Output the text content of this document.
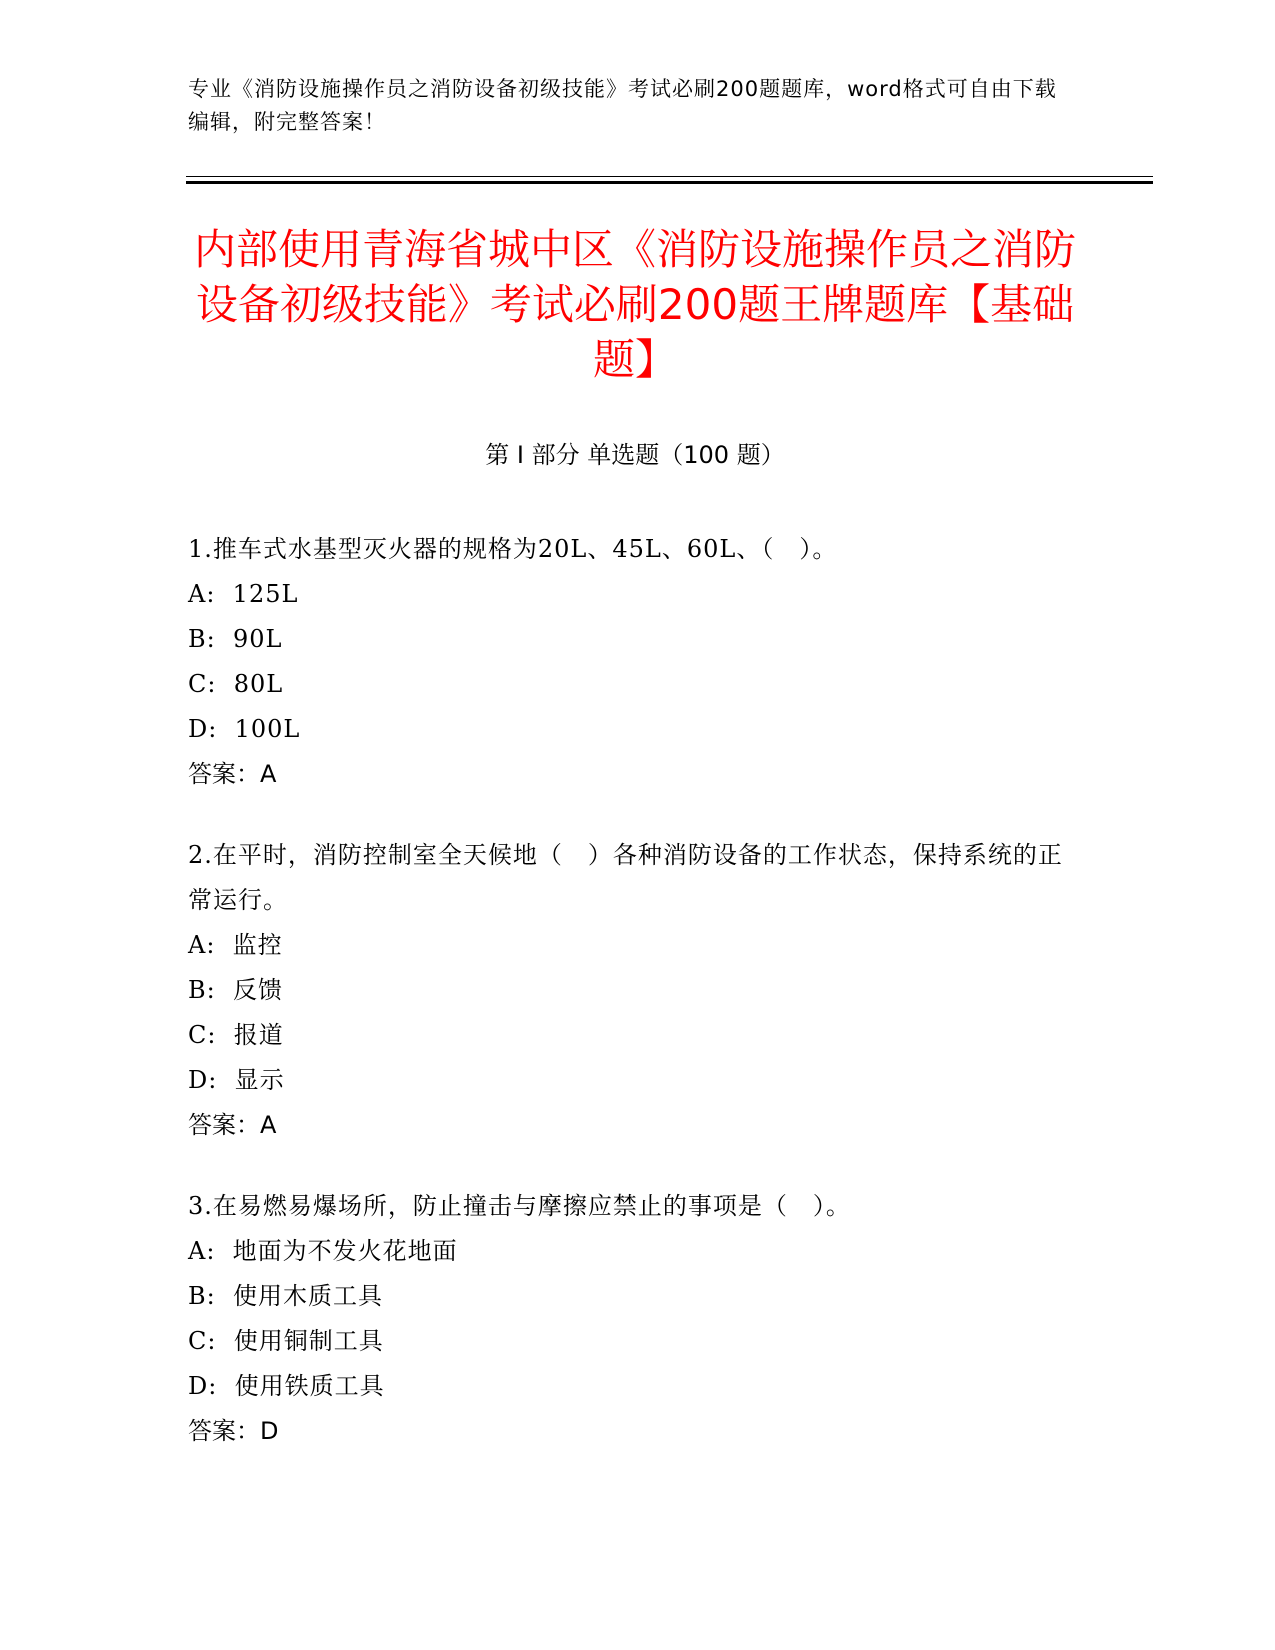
专业《消防设施操作员之消防设备初级技能》考试必刷200题题库，word格式可自由下载编辑，附完整答案！
内部使用青海省城中区《消防设施操作员之消防设备初级技能》考试必刷200题王牌题库【基础题】
第 I 部分 单选题（100 题）

1.推车式水基型灭火器的规格为20L、45L、60L、（　）。

A:  125L

B:  90L

C:  80L

D:  100L

答案：A

2.在平时，消防控制室全天候地（　）各种消防设备的工作状态，保持系统的正常运行。

A:  监控

B:  反馈

C:  报道

D:  显示

答案：A

3.在易燃易爆场所，防止撞击与摩擦应禁止的事项是（　）。

A:  地面为不发火花地面

B:  使用木质工具

C:  使用铜制工具

D:  使用铁质工具

答案：D
